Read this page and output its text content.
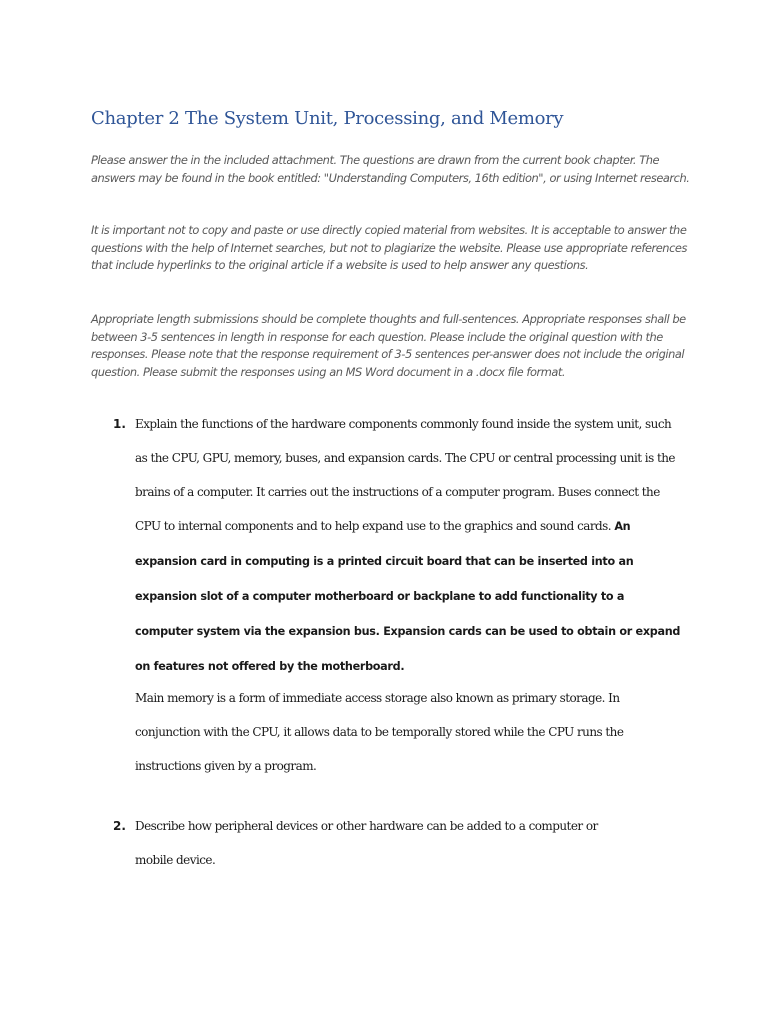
Chapter 2 The System Unit, Processing, and Memory

Please answer the in the included attachment. The questions are drawn from the current book chapter. The answers may be found in the book entitled: "Understanding Computers, 16th edition", or using Internet research.

It is important not to copy and paste or use directly copied material from websites. It is acceptable to answer the questions with the help of Internet searches, but not to plagiarize the website. Please use appropriate references that include hyperlinks to the original article if a website is used to help answer any questions.

Appropriate length submissions should be complete thoughts and full-sentences. Appropriate responses shall be between 3-5 sentences in length in response for each question. Please include the original question with the responses. Please note that the response requirement of 3-5 sentences per-answer does not include the original question. Please submit the responses using an MS Word document in a .docx file format.

1. Explain the functions of the hardware components commonly found inside the system unit, such as the CPU, GPU, memory, buses, and expansion cards. The CPU or central processing unit is the brains of a computer. It carries out the instructions of a computer program. Buses connect the CPU to internal components and to help expand use to the graphics and sound cards. An expansion card in computing is a printed circuit board that can be inserted into an expansion slot of a computer motherboard or backplane to add functionality to a computer system via the expansion bus. Expansion cards can be used to obtain or expand on features not offered by the motherboard.

Main memory is a form of immediate access storage also known as primary storage. In conjunction with the CPU, it allows data to be temporally stored while the CPU runs the instructions given by a program.

2. Describe how peripheral devices or other hardware can be added to a computer or mobile device.
